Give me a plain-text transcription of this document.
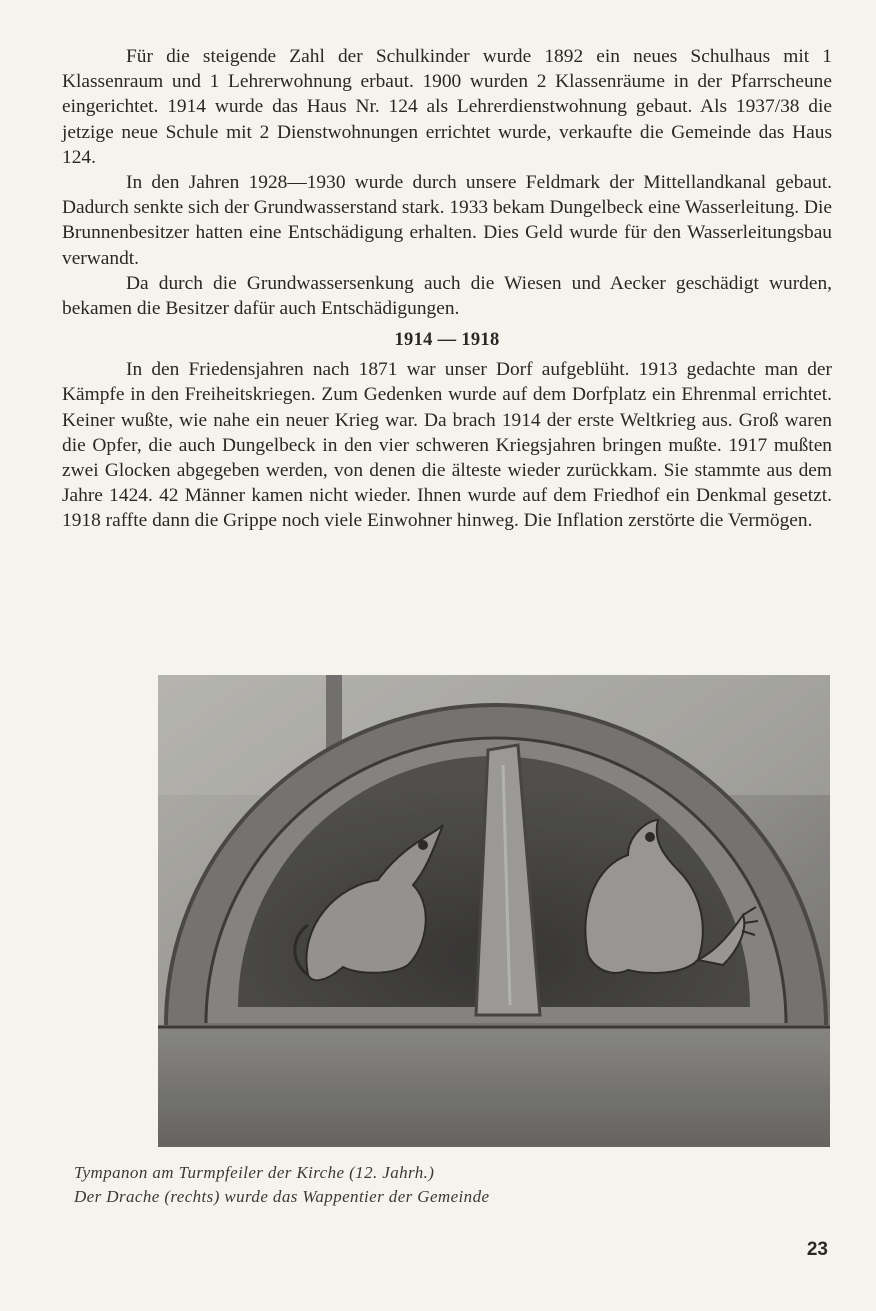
Für die steigende Zahl der Schulkinder wurde 1892 ein neues Schulhaus mit 1 Klassenraum und 1 Lehrerwohnung erbaut. 1900 wurden 2 Klassenräume in der Pfarrscheune eingerichtet. 1914 wurde das Haus Nr. 124 als Lehrerdienstwohnung gebaut. Als 1937/38 die jetzige neue Schule mit 2 Dienstwohnungen errichtet wurde, verkaufte die Gemeinde das Haus 124.

In den Jahren 1928—1930 wurde durch unsere Feldmark der Mittellandkanal gebaut. Dadurch senkte sich der Grundwasserstand stark. 1933 bekam Dungelbeck eine Wasserleitung. Die Brunnenbesitzer hatten eine Entschädigung erhalten. Dies Geld wurde für den Wasserleitungsbau verwandt.

Da durch die Grundwassersenkung auch die Wiesen und Aecker geschädigt wurden, bekamen die Besitzer dafür auch Entschädigungen.

1914 — 1918

In den Friedensjahren nach 1871 war unser Dorf aufgeblüht. 1913 gedachte man der Kämpfe in den Freiheitskriegen. Zum Gedenken wurde auf dem Dorfplatz ein Ehrenmal errichtet. Keiner wußte, wie nahe ein neuer Krieg war. Da brach 1914 der erste Weltkrieg aus. Groß waren die Opfer, die auch Dungelbeck in den vier schweren Kriegsjahren bringen mußte. 1917 mußten zwei Glocken abgegeben werden, von denen die älteste wieder zurückkam. Sie stammte aus dem Jahre 1424. 42 Männer kamen nicht wieder. Ihnen wurde auf dem Friedhof ein Denkmal gesetzt. 1918 raffte dann die Grippe noch viele Einwohner hinweg. Die Inflation zerstörte die Vermögen.

Tympanon am Turmpfeiler der Kirche (12. Jahrh.)
Der Drache (rechts) wurde das Wappentier der Gemeinde
23
